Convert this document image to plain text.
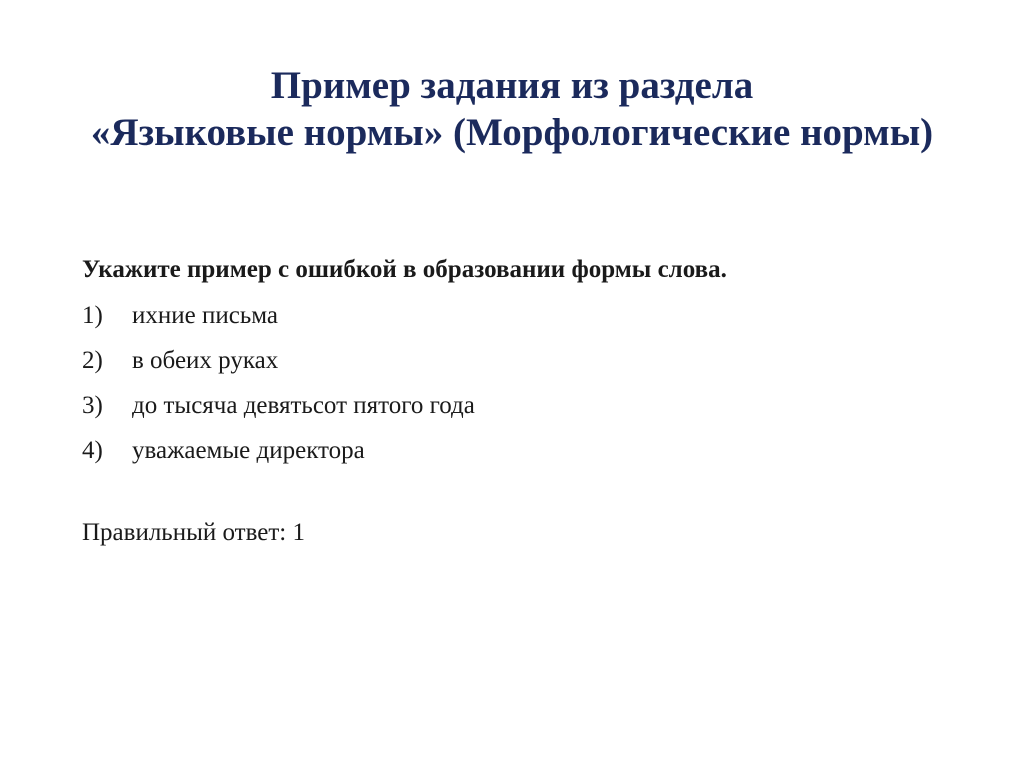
Пример задания из раздела
«Языковые нормы» (Морфологические нормы)
Укажите пример с ошибкой в образовании формы слова.
1) ихние письма
2) в обеих руках
3) до тысяча девятьсот пятого года
4) уважаемые директора
Правильный ответ: 1
